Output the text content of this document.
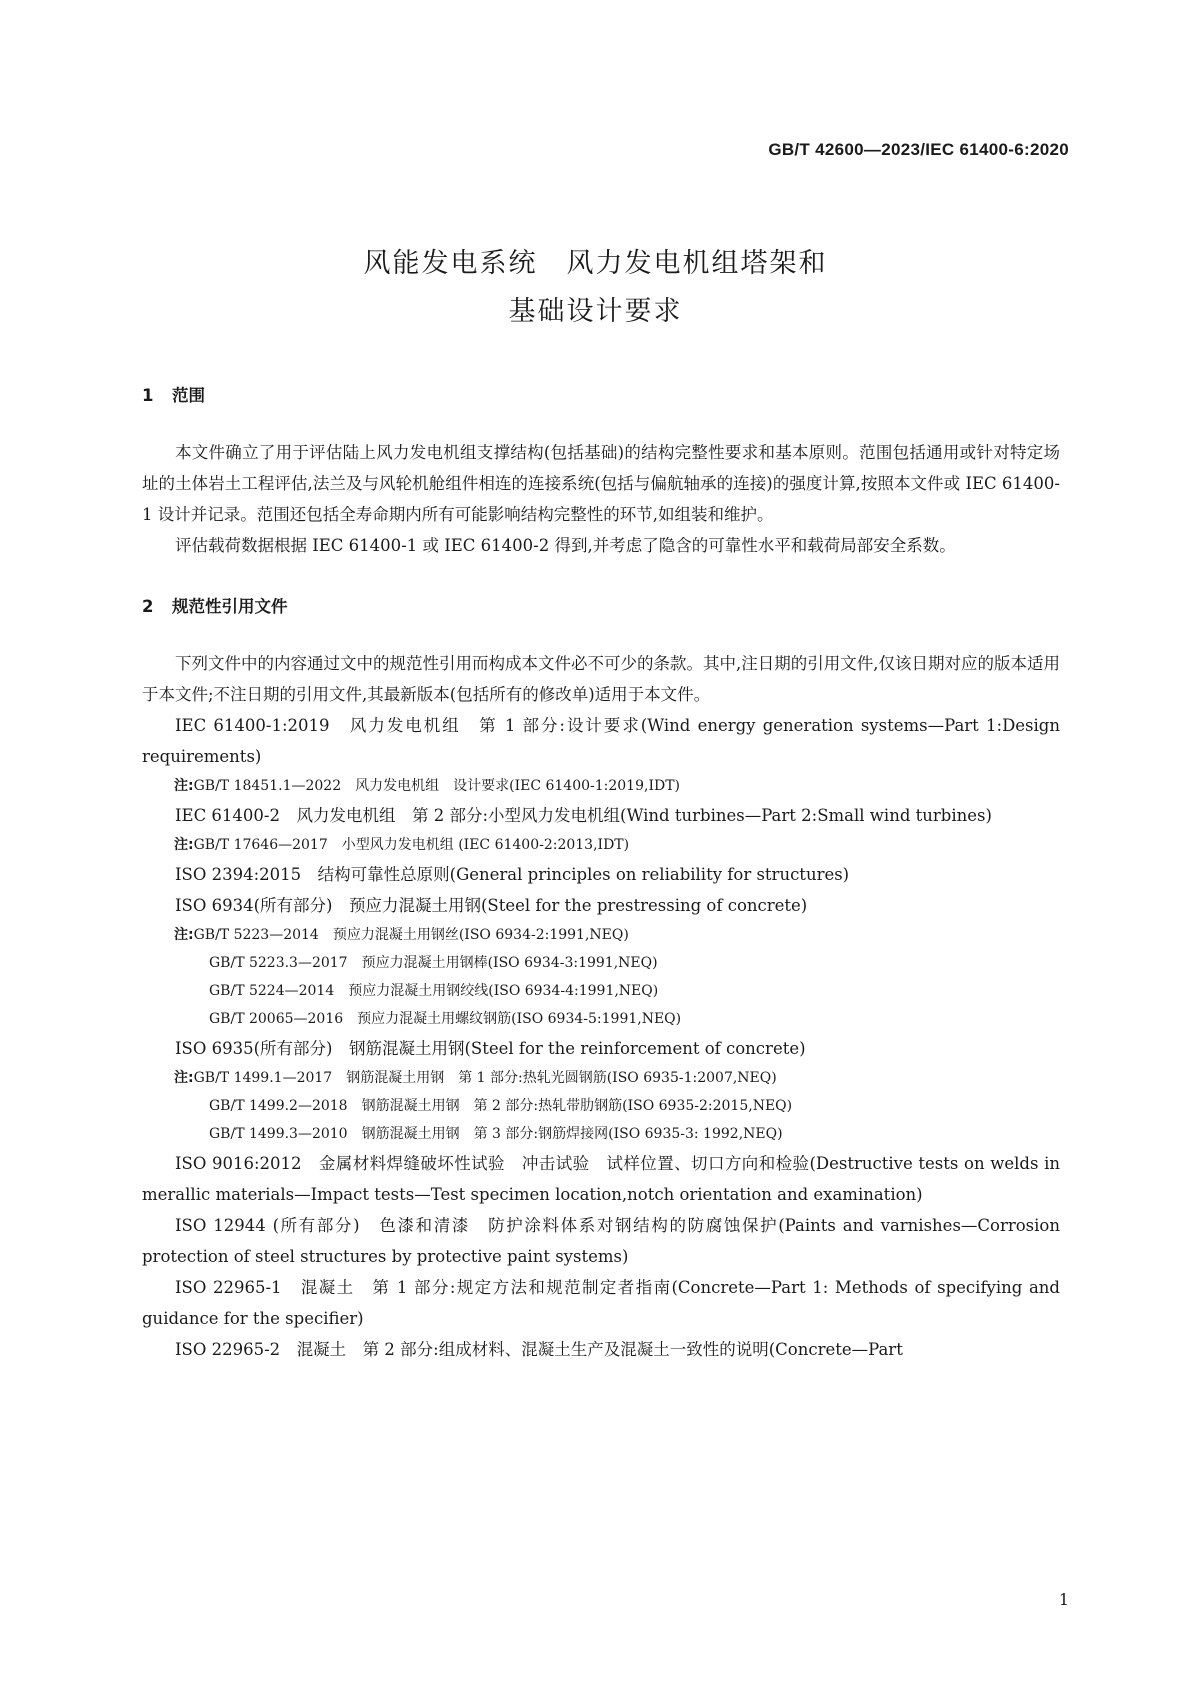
GB/T 42600—2023/IEC 61400-6:2020
风能发电系统　风力发电机组塔架和
基础设计要求
1 范围

本文件确立了用于评估陆上风力发电机组支撑结构(包括基础)的结构完整性要求和基本原则。范围包括通用或针对特定场址的土体岩土工程评估,法兰及与风轮机舱组件相连的连接系统(包括与偏航轴承的连接)的强度计算,按照本文件或 IEC 61400-1 设计并记录。范围还包括全寿命期内所有可能影响结构完整性的环节,如组装和维护。

评估载荷数据根据 IEC 61400-1 或 IEC 61400-2 得到,并考虑了隐含的可靠性水平和载荷局部安全系数。

2 规范性引用文件

下列文件中的内容通过文中的规范性引用而构成本文件必不可少的条款。其中,注日期的引用文件,仅该日期对应的版本适用于本文件;不注日期的引用文件,其最新版本(包括所有的修改单)适用于本文件。

IEC 61400-1:2019　风力发电机组　第 1 部分:设计要求(Wind energy generation systems—Part 1:Design requirements)
注:GB/T 18451.1—2022　风力发电机组　设计要求(IEC 61400-1:2019,IDT)
IEC 61400-2　风力发电机组　第 2 部分:小型风力发电机组(Wind turbines—Part 2:Small wind turbines)
注:GB/T 17646—2017　小型风力发电机组 (IEC 61400-2:2013,IDT)
ISO 2394:2015　结构可靠性总原则(General principles on reliability for structures)
ISO 6934(所有部分)　预应力混凝土用钢(Steel for the prestressing of concrete)
注:GB/T 5223—2014　预应力混凝土用钢丝(ISO 6934-2:1991,NEQ)
GB/T 5223.3—2017　预应力混凝土用钢棒(ISO 6934-3:1991,NEQ)
GB/T 5224—2014　预应力混凝土用钢绞线(ISO 6934-4:1991,NEQ)
GB/T 20065—2016　预应力混凝土用螺纹钢筋(ISO 6934-5:1991,NEQ)
ISO 6935(所有部分)　钢筋混凝土用钢(Steel for the reinforcement of concrete)
注:GB/T 1499.1—2017　钢筋混凝土用钢　第 1 部分:热轧光圆钢筋(ISO 6935-1:2007,NEQ)
GB/T 1499.2—2018　钢筋混凝土用钢　第 2 部分:热轧带肋钢筋(ISO 6935-2:2015,NEQ)
GB/T 1499.3—2010　钢筋混凝土用钢　第 3 部分:钢筋焊接网(ISO 6935-3: 1992,NEQ)
ISO 9016:2012　金属材料焊缝破坏性试验　冲击试验　试样位置、切口方向和检验(Destructive tests on welds in merallic materials—Impact tests—Test specimen location,notch orientation and examination)
ISO 12944 (所有部分)　色漆和清漆　防护涂料体系对钢结构的防腐蚀保护(Paints and varnishes—Corrosion protection of steel structures by protective paint systems)
ISO 22965-1　混凝土　第 1 部分:规定方法和规范制定者指南(Concrete—Part 1: Methods of specifying and guidance for the specifier)
ISO 22965-2　混凝土　第 2 部分:组成材料、混凝土生产及混凝土一致性的说明(Concrete—Part
1
